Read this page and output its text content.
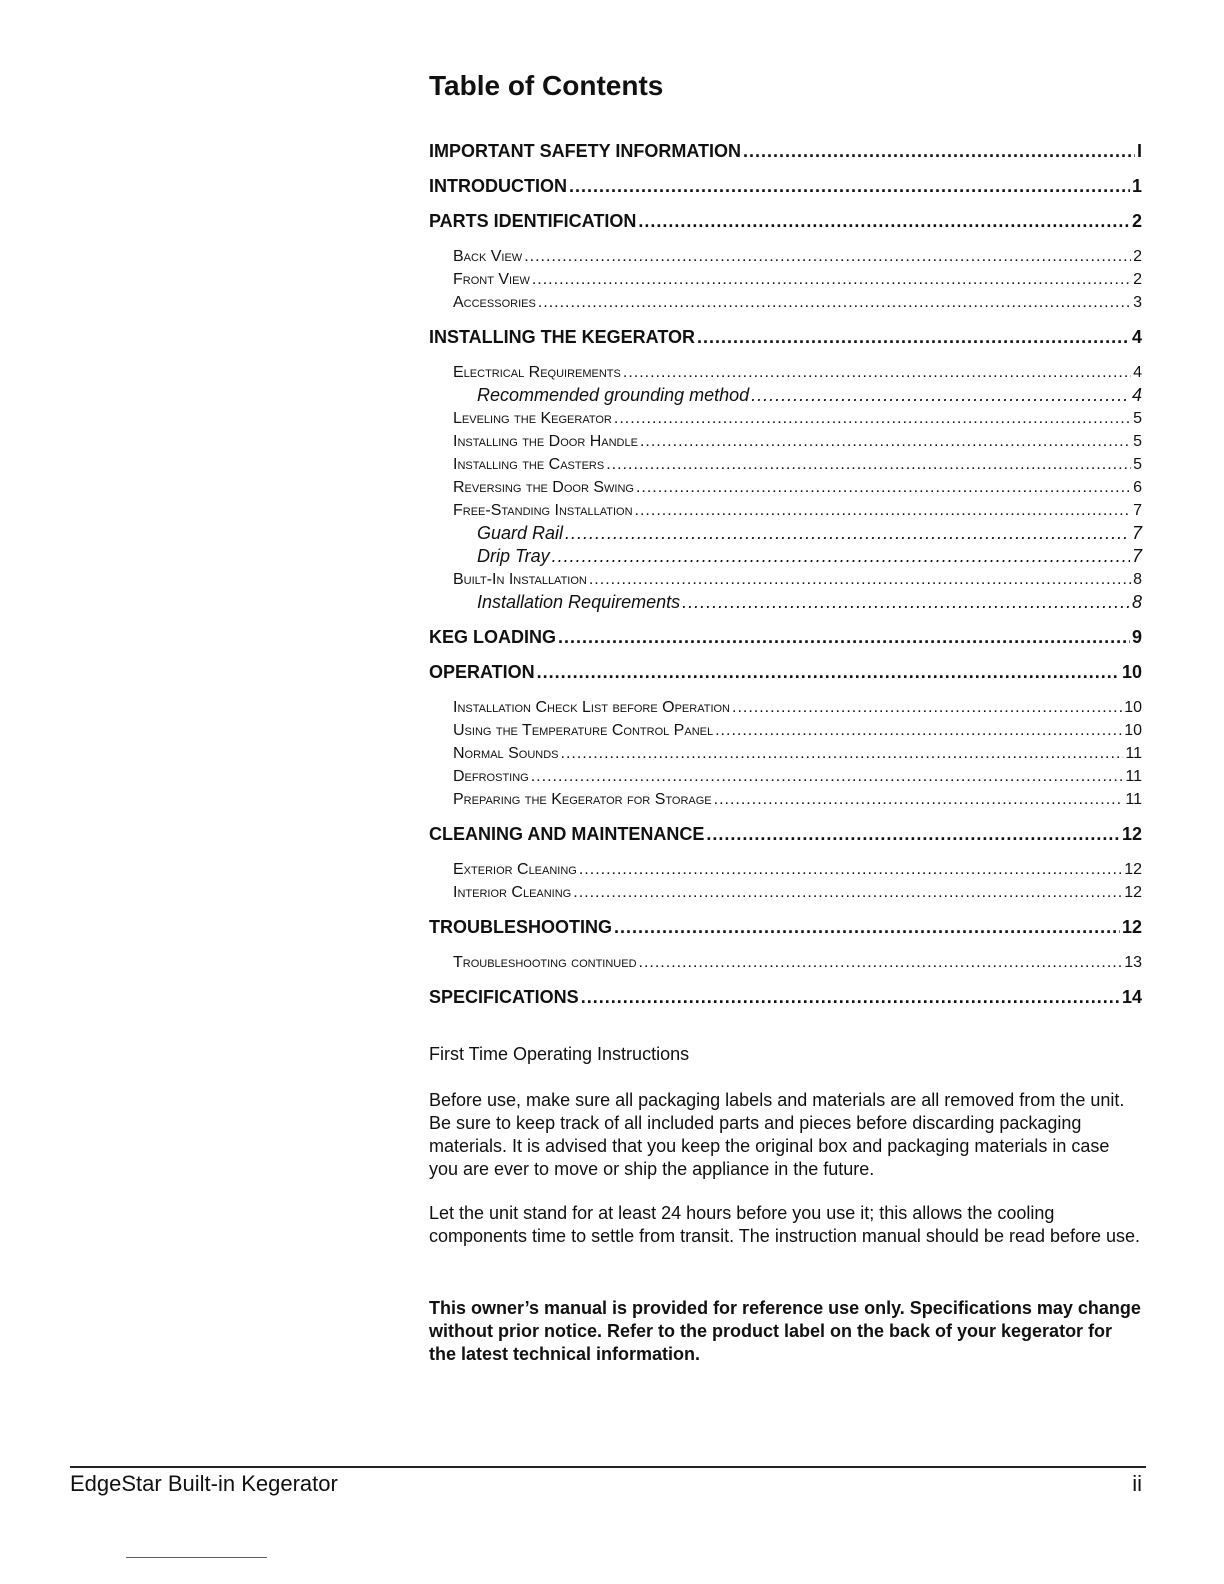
Table of Contents
IMPORTANT SAFETY INFORMATION .....	I
INTRODUCTION .....	1
PARTS IDENTIFICATION .....	2
Back View .....	2
Front View .....	2
Accessories .....	3
INSTALLING THE KEGERATOR .....	4
Electrical Requirements .....	4
Recommended grounding method .....	4
Leveling the Kegerator .....	5
Installing the Door Handle .....	5
Installing the Casters .....	5
Reversing the Door Swing .....	6
Free-Standing Installation .....	7
Guard Rail .....	7
Drip Tray .....	7
Built-In Installation .....	8
Installation Requirements .....	8
KEG LOADING .....	9
OPERATION .....	10
Installation Check List before Operation .....	10
Using the Temperature Control Panel .....	10
Normal Sounds .....	11
Defrosting .....	11
Preparing the Kegerator for Storage .....	11
CLEANING AND MAINTENANCE .....	12
Exterior Cleaning .....	12
Interior Cleaning .....	12
TROUBLESHOOTING .....	12
Troubleshooting continued .....	13
SPECIFICATIONS .....	14

First Time Operating Instructions

Before use, make sure all packaging labels and materials are all removed from the unit. Be sure to keep track of all included parts and pieces before discarding packaging materials. It is advised that you keep the original box and packaging materials in case you are ever to move or ship the appliance in the future.

Let the unit stand for at least 24 hours before you use it; this allows the cooling components time to settle from transit. The instruction manual should be read before use.

This owner’s manual is provided for reference use only. Specifications may change without prior notice. Refer to the product label on the back of your kegerator for the latest technical information.

EdgeStar Built-in Kegerator	ii
